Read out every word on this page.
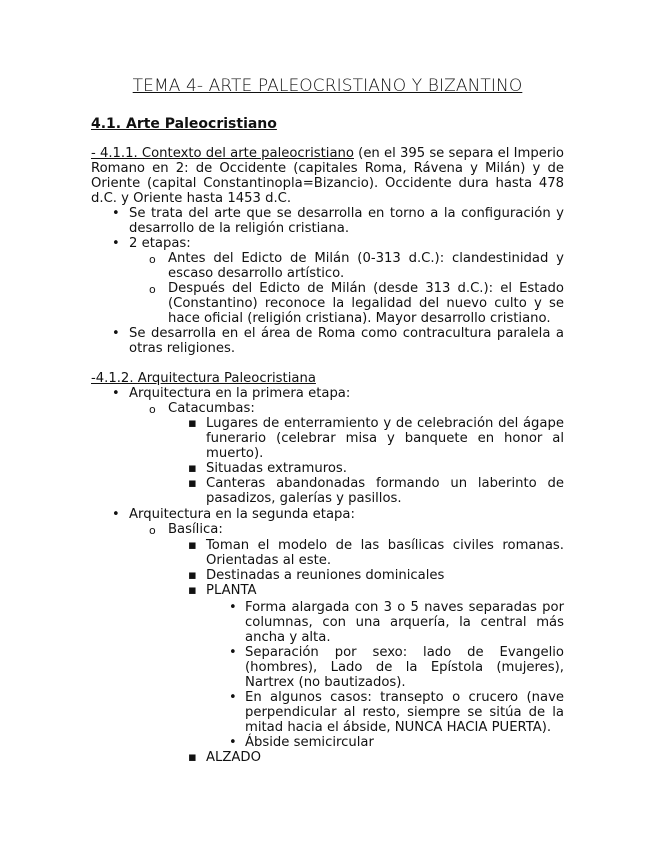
TEMA 4- ARTE PALEOCRISTIANO Y BIZANTINO
4.1. Arte Paleocristiano
- 4.1.1. Contexto del arte paleocristiano (en el 395 se separa el Imperio
Romano en 2: de Occidente (capitales Roma, Rávena y Milán) y de
Oriente (capital Constantinopla=Bizancio). Occidente dura hasta 478
d.C. y Oriente hasta 1453 d.C.
•
Se trata del arte que se desarrolla en torno a la configuración y
desarrollo de la religión cristiana.
•
2 etapas:
o
Antes del Edicto de Milán (0-313 d.C.): clandestinidad y
escaso desarrollo artístico.
o
Después del Edicto de Milán (desde 313 d.C.): el Estado
(Constantino) reconoce la legalidad del nuevo culto y se
hace oficial (religión cristiana). Mayor desarrollo cristiano.
•
Se desarrolla en el área de Roma como contracultura paralela a
otras religiones.
-4.1.2. Arquitectura Paleocristiana
•
Arquitectura en la primera etapa:
o
Catacumbas:
▪
Lugares de enterramiento y de celebración del ágape
funerario (celebrar misa y banquete en honor al
muerto).
▪
Situadas extramuros.
▪
Canteras abandonadas formando un laberinto de
pasadizos, galerías y pasillos.
•
Arquitectura en la segunda etapa:
o
Basílica:
▪
Toman el modelo de las basílicas civiles romanas.
Orientadas al este.
▪
Destinadas a reuniones dominicales
▪
PLANTA
•
Forma alargada con 3 o 5 naves separadas por
columnas, con una arquería, la central más
ancha y alta.
•
Separación por sexo: lado de Evangelio
(hombres), Lado de la Epístola (mujeres),
Nartrex (no bautizados).
•
En algunos casos: transepto o crucero (nave
perpendicular al resto, siempre se sitúa de la
mitad hacia el ábside, NUNCA HACIA PUERTA).
•
Ábside semicircular
▪
ALZADO
